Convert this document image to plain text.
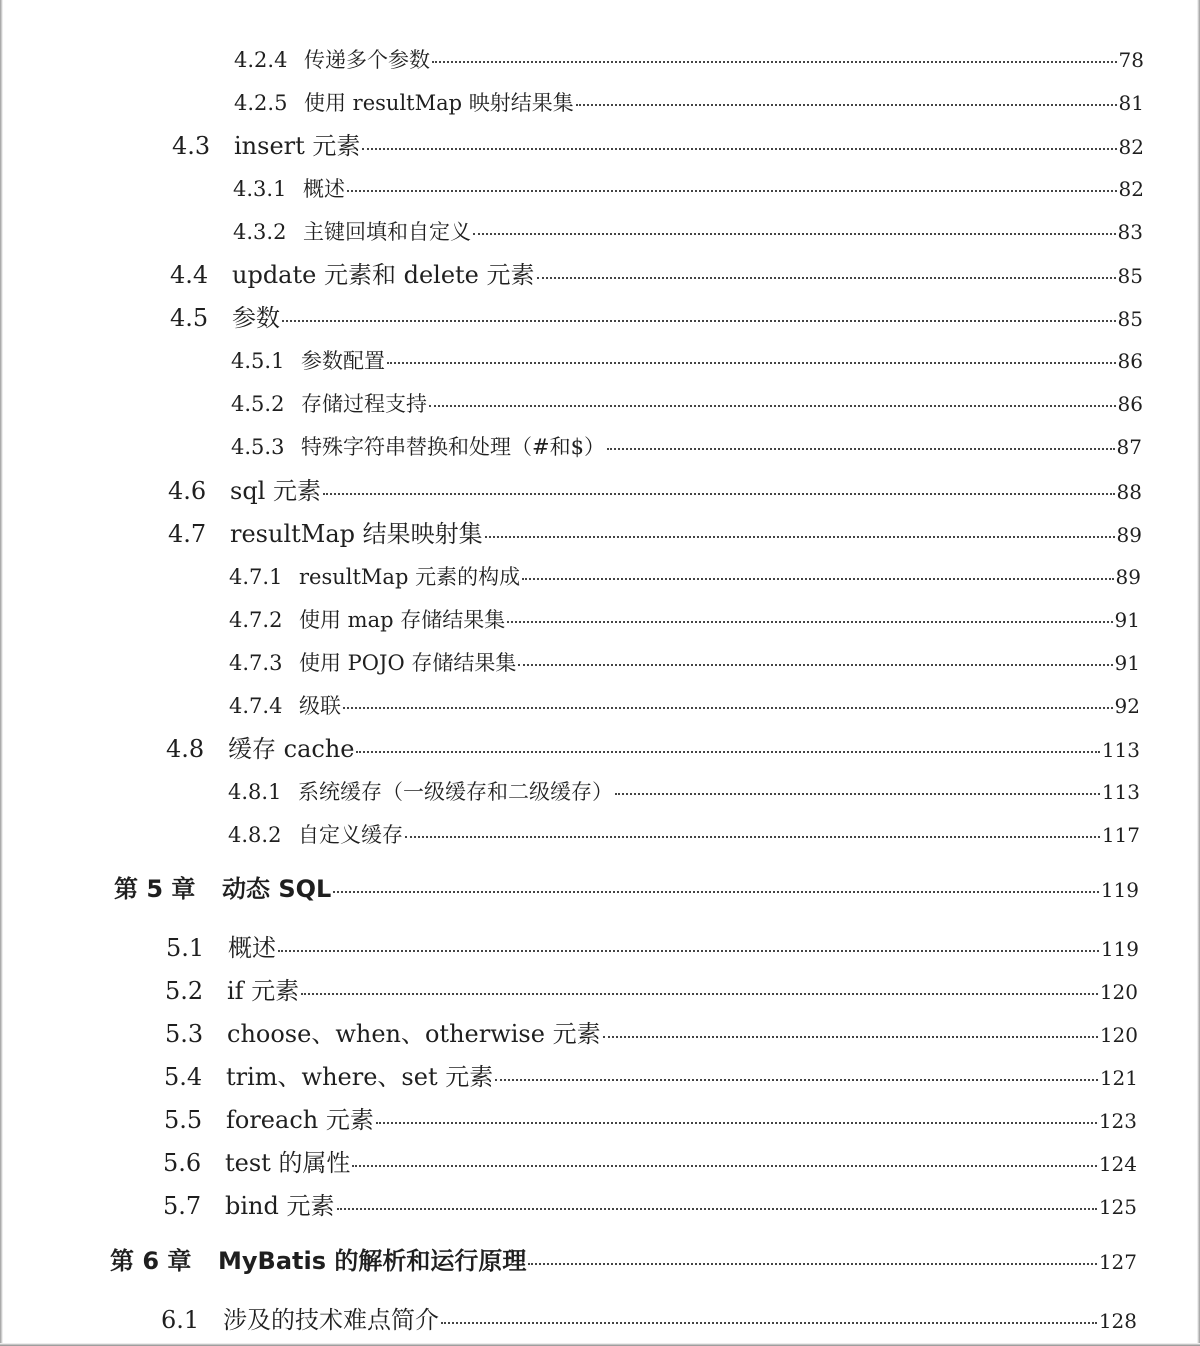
4.2.4 传递多个参数	78
4.2.5 使用 resultMap 映射结果集	81
4.3 insert 元素	82
4.3.1 概述	82
4.3.2 主键回填和自定义	83
4.4 update 元素和 delete 元素	85
4.5 参数	85
4.5.1 参数配置	86
4.5.2 存储过程支持	86
4.5.3 特殊字符串替换和处理（#和$）	87
4.6 sql 元素	88
4.7 resultMap 结果映射集	89
4.7.1 resultMap 元素的构成	89
4.7.2 使用 map 存储结果集	91
4.7.3 使用 POJO 存储结果集	91
4.7.4 级联	92
4.8 缓存 cache	113
4.8.1 系统缓存（一级缓存和二级缓存）	113
4.8.2 自定义缓存	117
第 5 章	动态 SQL	119
5.1 概述	119
5.2 if 元素	120
5.3 choose、when、otherwise 元素	120
5.4 trim、where、set 元素	121
5.5 foreach 元素	123
5.6 test 的属性	124
5.7 bind 元素	125
第 6 章	MyBatis 的解析和运行原理	127
6.1 涉及的技术难点简介	128
